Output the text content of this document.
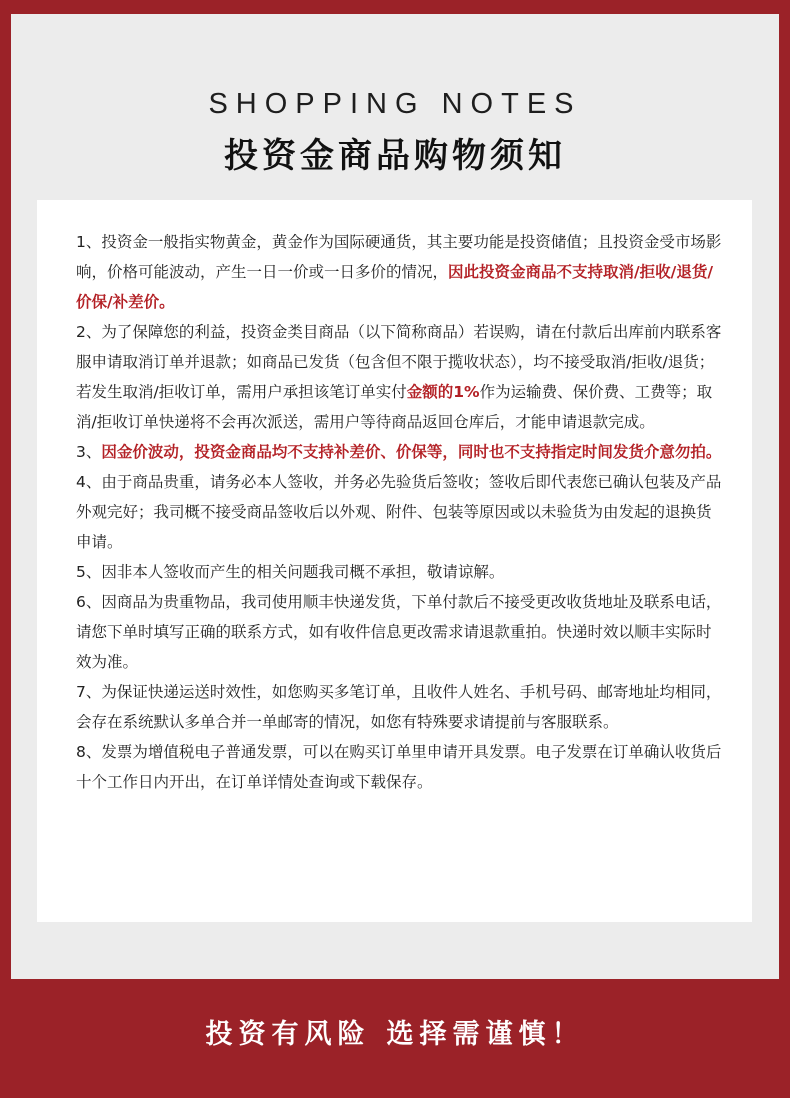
SHOPPING NOTES
投资金商品购物须知

1、投资金一般指实物黄金，黄金作为国际硬通货，其主要功能是投资储值；且投资金受市场影响，价格可能波动，产生一日一价或一日多价的情况，因此投资金商品不支持取消/拒收/退货/价保/补差价。

2、为了保障您的利益，投资金类目商品（以下简称商品）若误购，请在付款后出库前内联系客服申请取消订单并退款；如商品已发货（包含但不限于揽收状态），均不接受取消/拒收/退货；若发生取消/拒收订单，需用户承担该笔订单实付金额的1%作为运输费、保价费、工费等；取消/拒收订单快递将不会再次派送，需用户等待商品返回仓库后，才能申请退款完成。

3、因金价波动，投资金商品均不支持补差价、价保等，同时也不支持指定时间发货介意勿拍。

4、由于商品贵重，请务必本人签收，并务必先验货后签收；签收后即代表您已确认包装及产品外观完好；我司概不接受商品签收后以外观、附件、包装等原因或以未验货为由发起的退换货申请。

5、因非本人签收而产生的相关问题我司概不承担，敬请谅解。

6、因商品为贵重物品，我司使用顺丰快递发货，下单付款后不接受更改收货地址及联系电话，请您下单时填写正确的联系方式，如有收件信息更改需求请退款重拍。快递时效以顺丰实际时效为准。

7、为保证快递运送时效性，如您购买多笔订单，且收件人姓名、手机号码、邮寄地址均相同，会存在系统默认多单合并一单邮寄的情况，如您有特殊要求请提前与客服联系。

8、发票为增值税电子普通发票，可以在购买订单里申请开具发票。电子发票在订单确认收货后十个工作日内开出，在订单详情处查询或下载保存。

投资有风险 选择需谨慎！
